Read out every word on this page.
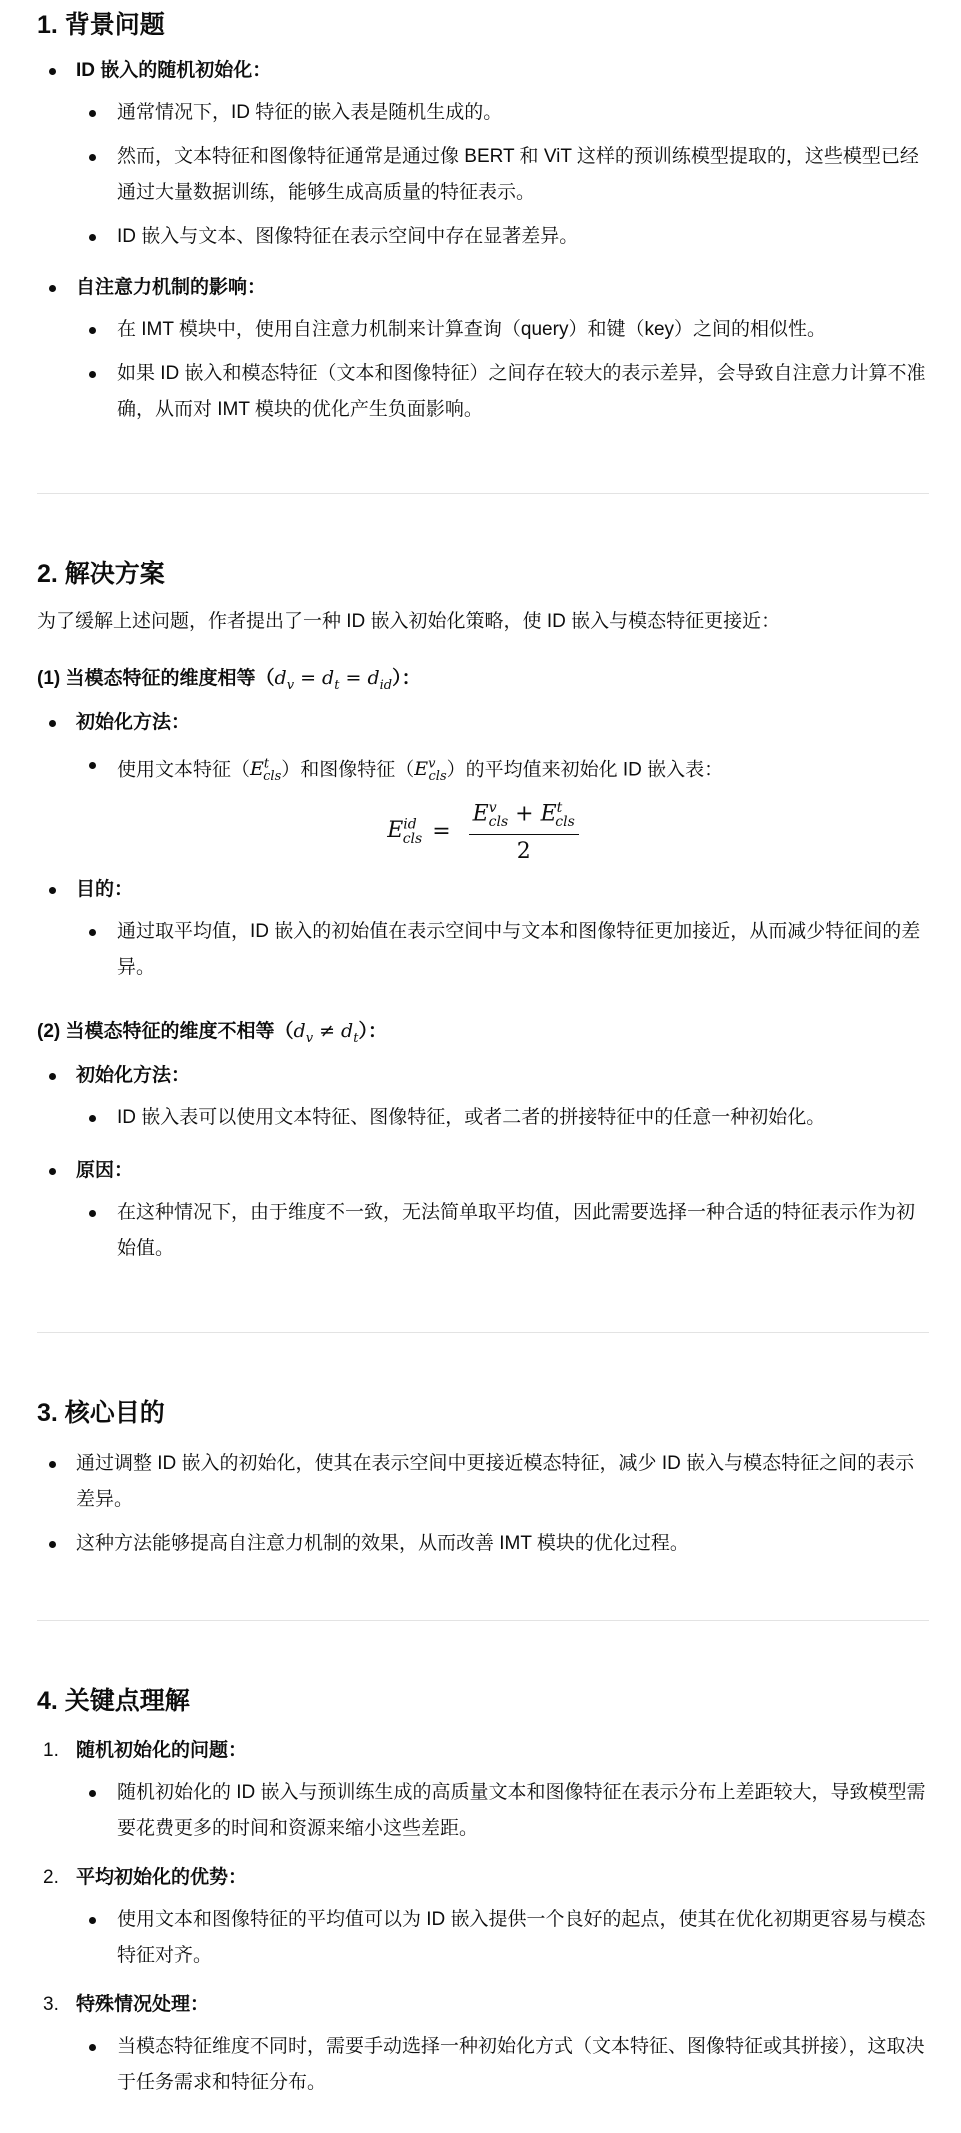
1. 背景问题
ID 嵌入的随机初始化：
通常情况下，ID 特征的嵌入表是随机生成的。
然而，文本特征和图像特征通常是通过像 BERT 和 ViT 这样的预训练模型提取的，这些模型已经通过大量数据训练，能够生成高质量的特征表示。
ID 嵌入与文本、图像特征在表示空间中存在显著差异。
自注意力机制的影响：
在 IMT 模块中，使用自注意力机制来计算查询（query）和键（key）之间的相似性。
如果 ID 嵌入和模态特征（文本和图像特征）之间存在较大的表示差异，会导致自注意力计算不准确，从而对 IMT 模块的优化产生负面影响。
2. 解决方案

为了缓解上述问题，作者提出了一种 ID 嵌入初始化策略，使 ID 嵌入与模态特征更接近：

(1) 当模态特征的维度相等$(d_v = d_t = d_{id})$：

初始化方法：
使用文本特征$(E^t_{cls})$和图像特征$(E^v_{cls})$的平均值来初始化 ID 嵌入表：
$E^{id}_{cls} = \frac{E^v_{cls} + E^t_{cls}}{2}$
目的：
通过取平均值，ID 嵌入的初始值在表示空间中与文本和图像特征更加接近，从而减少特征间的差异。

(2) 当模态特征的维度不相等$(d_v \ne d_t)$：

初始化方法：
ID 嵌入表可以使用文本特征、图像特征，或者二者的拼接特征中的任意一种初始化。
原因：
在这种情况下，由于维度不一致，无法简单取平均值，因此需要选择一种合适的特征表示作为初始值。
3. 核心目的
通过调整 ID 嵌入的初始化，使其在表示空间中更接近模态特征，减少 ID 嵌入与模态特征之间的表示差异。
这种方法能够提高自注意力机制的效果，从而改善 IMT 模块的优化过程。
4. 关键点理解
1. 随机初始化的问题：
随机初始化的 ID 嵌入与预训练生成的高质量文本和图像特征在表示分布上差距较大，导致模型需要花费更多的时间和资源来缩小这些差距。
2. 平均初始化的优势：
使用文本和图像特征的平均值可以为 ID 嵌入提供一个良好的起点，使其在优化初期更容易与模态特征对齐。
3. 特殊情况处理：
当模态特征维度不同时，需要手动选择一种初始化方式（文本特征、图像特征或其拼接），这取决于任务需求和特征分布。
